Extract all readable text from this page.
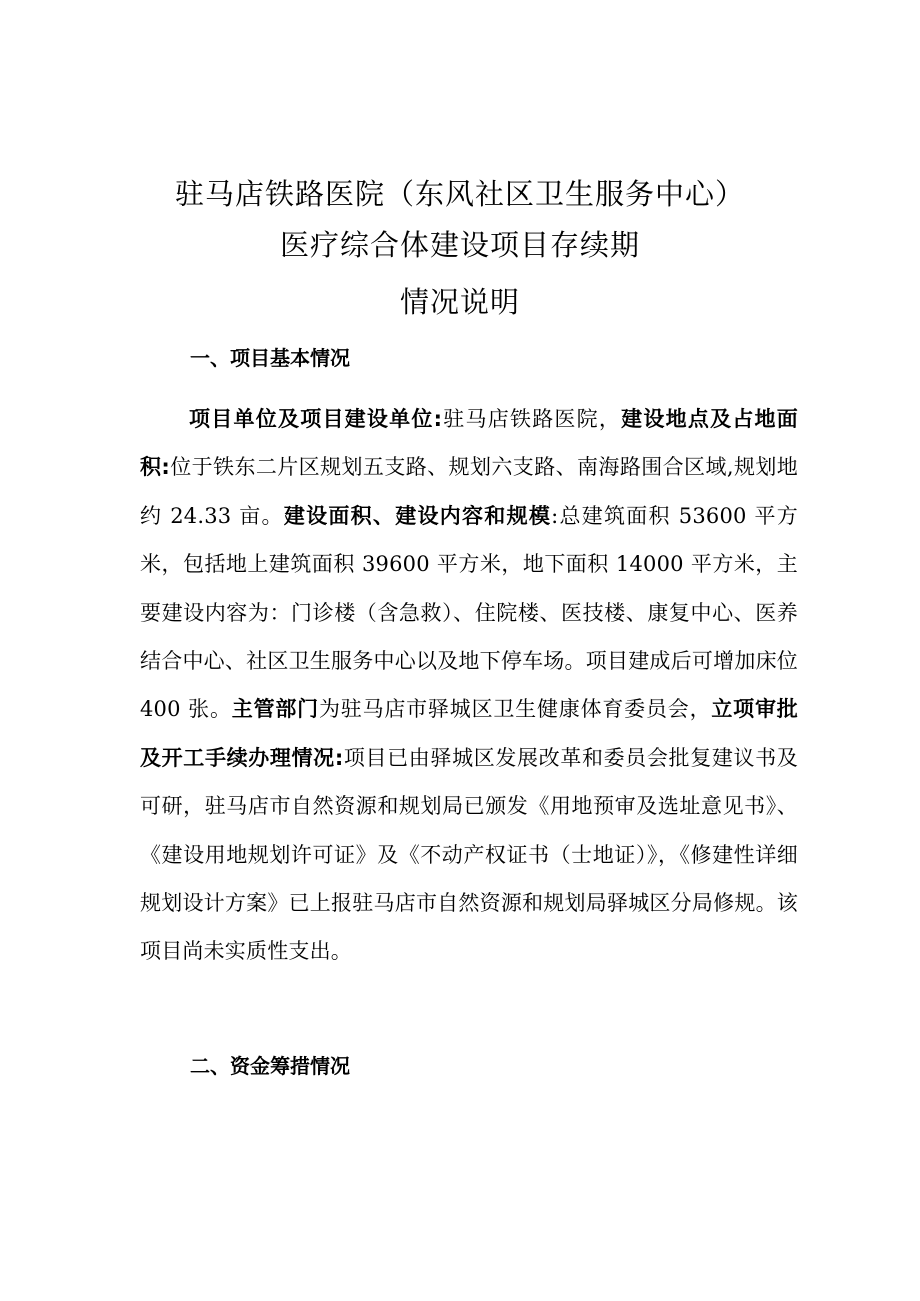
驻马店铁路医院（东风社区卫生服务中心）
医疗综合体建设项目存续期
情况说明
一、项目基本情况

项目单位及项目建设单位:驻马店铁路医院，建设地点及占地面积:位于铁东二片区规划五支路、规划六支路、南海路围合区域,规划地约 24.33 亩。建设面积、建设内容和规模:总建筑面积 53600 平方米，包括地上建筑面积 39600 平方米，地下面积 14000 平方米，主要建设内容为：门诊楼（含急救）、住院楼、医技楼、康复中心、医养结合中心、社区卫生服务中心以及地下停车场。项目建成后可增加床位 400 张。主管部门为驻马店市驿城区卫生健康体育委员会，立项审批及开工手续办理情况:项目已由驿城区发展改革和委员会批复建议书及可研，驻马店市自然资源和规划局已颁发《用地预审及选址意见书》、《建设用地规划许可证》及《不动产权证书（士地证）》，《修建性详细规划设计方案》已上报驻马店市自然资源和规划局驿城区分局修规。该项目尚未实质性支出。

二、资金筹措情况
